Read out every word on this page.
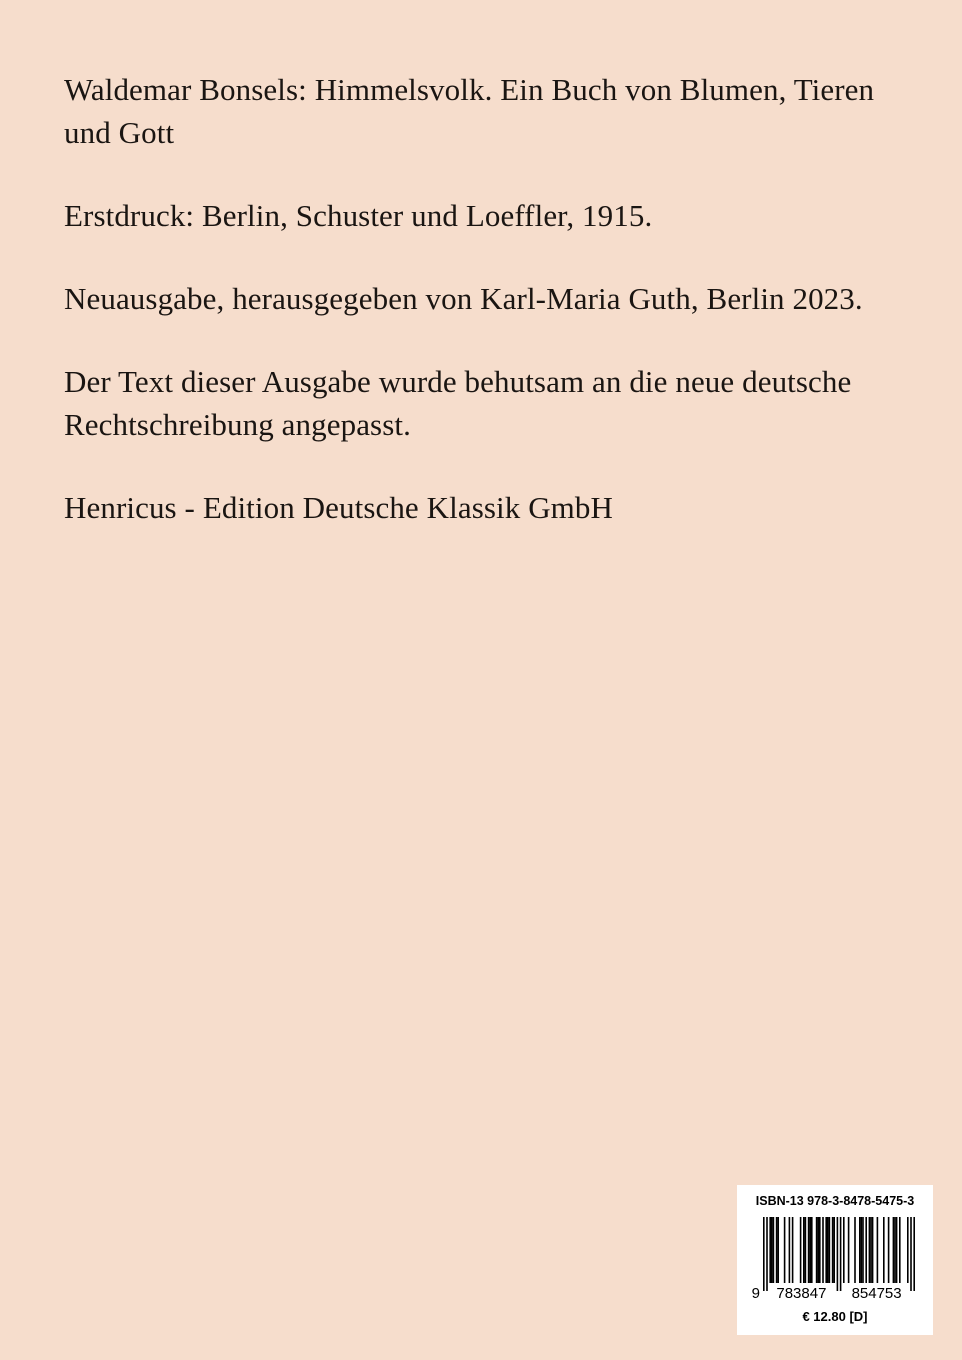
Waldemar Bonsels: Himmelsvolk. Ein Buch von Blumen, Tieren und Gott

Erstdruck: Berlin, Schuster und Loeffler, 1915.

Neuausgabe, herausgegeben von Karl-Maria Guth, Berlin 2023.

Der Text dieser Ausgabe wurde behutsam an die neue deutsche Rechtschreibung angepasst.

Henricus - Edition Deutsche Klassik GmbH

ISBN-13 978-3-8478-5475-3
9 783847 854753
€ 12.80 [D]
